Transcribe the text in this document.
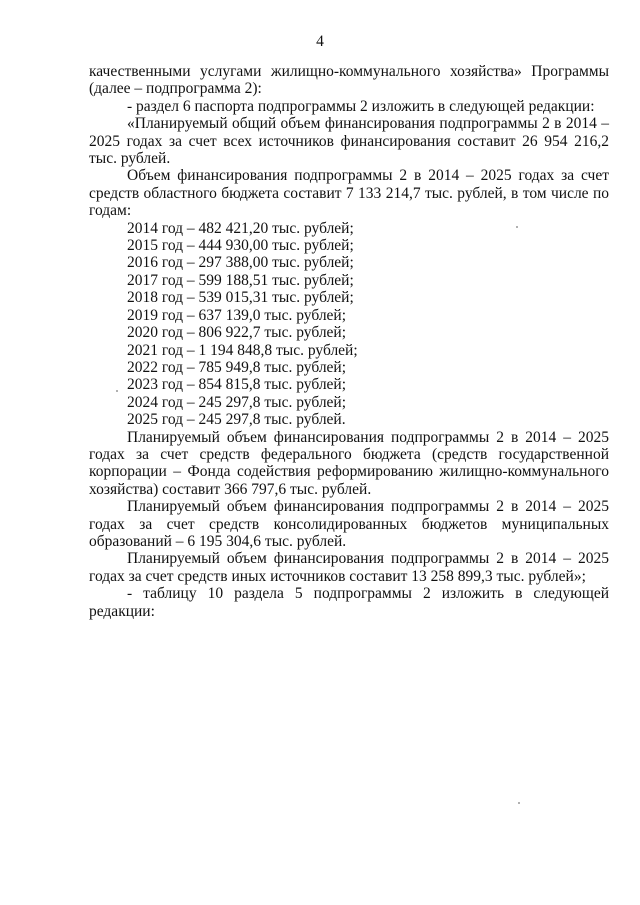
4

качественными услугами жилищно-коммунального хозяйства» Программы (далее – подпрограмма 2):

- раздел 6 паспорта подпрограммы 2 изложить в следующей редакции:

«Планируемый общий объем финансирования подпрограммы 2 в 2014 – 2025 годах за счет всех источников финансирования составит 26 954 216,2 тыс. рублей.

Объем финансирования подпрограммы 2 в 2014 – 2025 годах за счет средств областного бюджета составит 7 133 214,7 тыс. рублей, в том числе по годам:

2014 год – 482 421,20 тыс. рублей;
2015 год – 444 930,00 тыс. рублей;
2016 год – 297 388,00 тыс. рублей;
2017 год – 599 188,51 тыс. рублей;
2018 год – 539 015,31 тыс. рублей;
2019 год – 637 139,0 тыс. рублей;
2020 год – 806 922,7 тыс. рублей;
2021 год – 1 194 848,8 тыс. рублей;
2022 год – 785 949,8 тыс. рублей;
2023 год – 854 815,8 тыс. рублей;
2024 год – 245 297,8 тыс. рублей;
2025 год – 245 297,8 тыс. рублей.

Планируемый объем финансирования подпрограммы 2 в 2014 – 2025 годах за счет средств федерального бюджета (средств государственной корпорации – Фонда содействия реформированию жилищно-коммунального хозяйства) составит 366 797,6 тыс. рублей.

Планируемый объем финансирования подпрограммы 2 в 2014 – 2025 годах за счет средств консолидированных бюджетов муниципальных образований – 6 195 304,6 тыс. рублей.

Планируемый объем финансирования подпрограммы 2 в 2014 – 2025 годах за счет средств иных источников составит 13 258 899,3 тыс. рублей»;

- таблицу 10 раздела 5 подпрограммы 2 изложить в следующей редакции:
